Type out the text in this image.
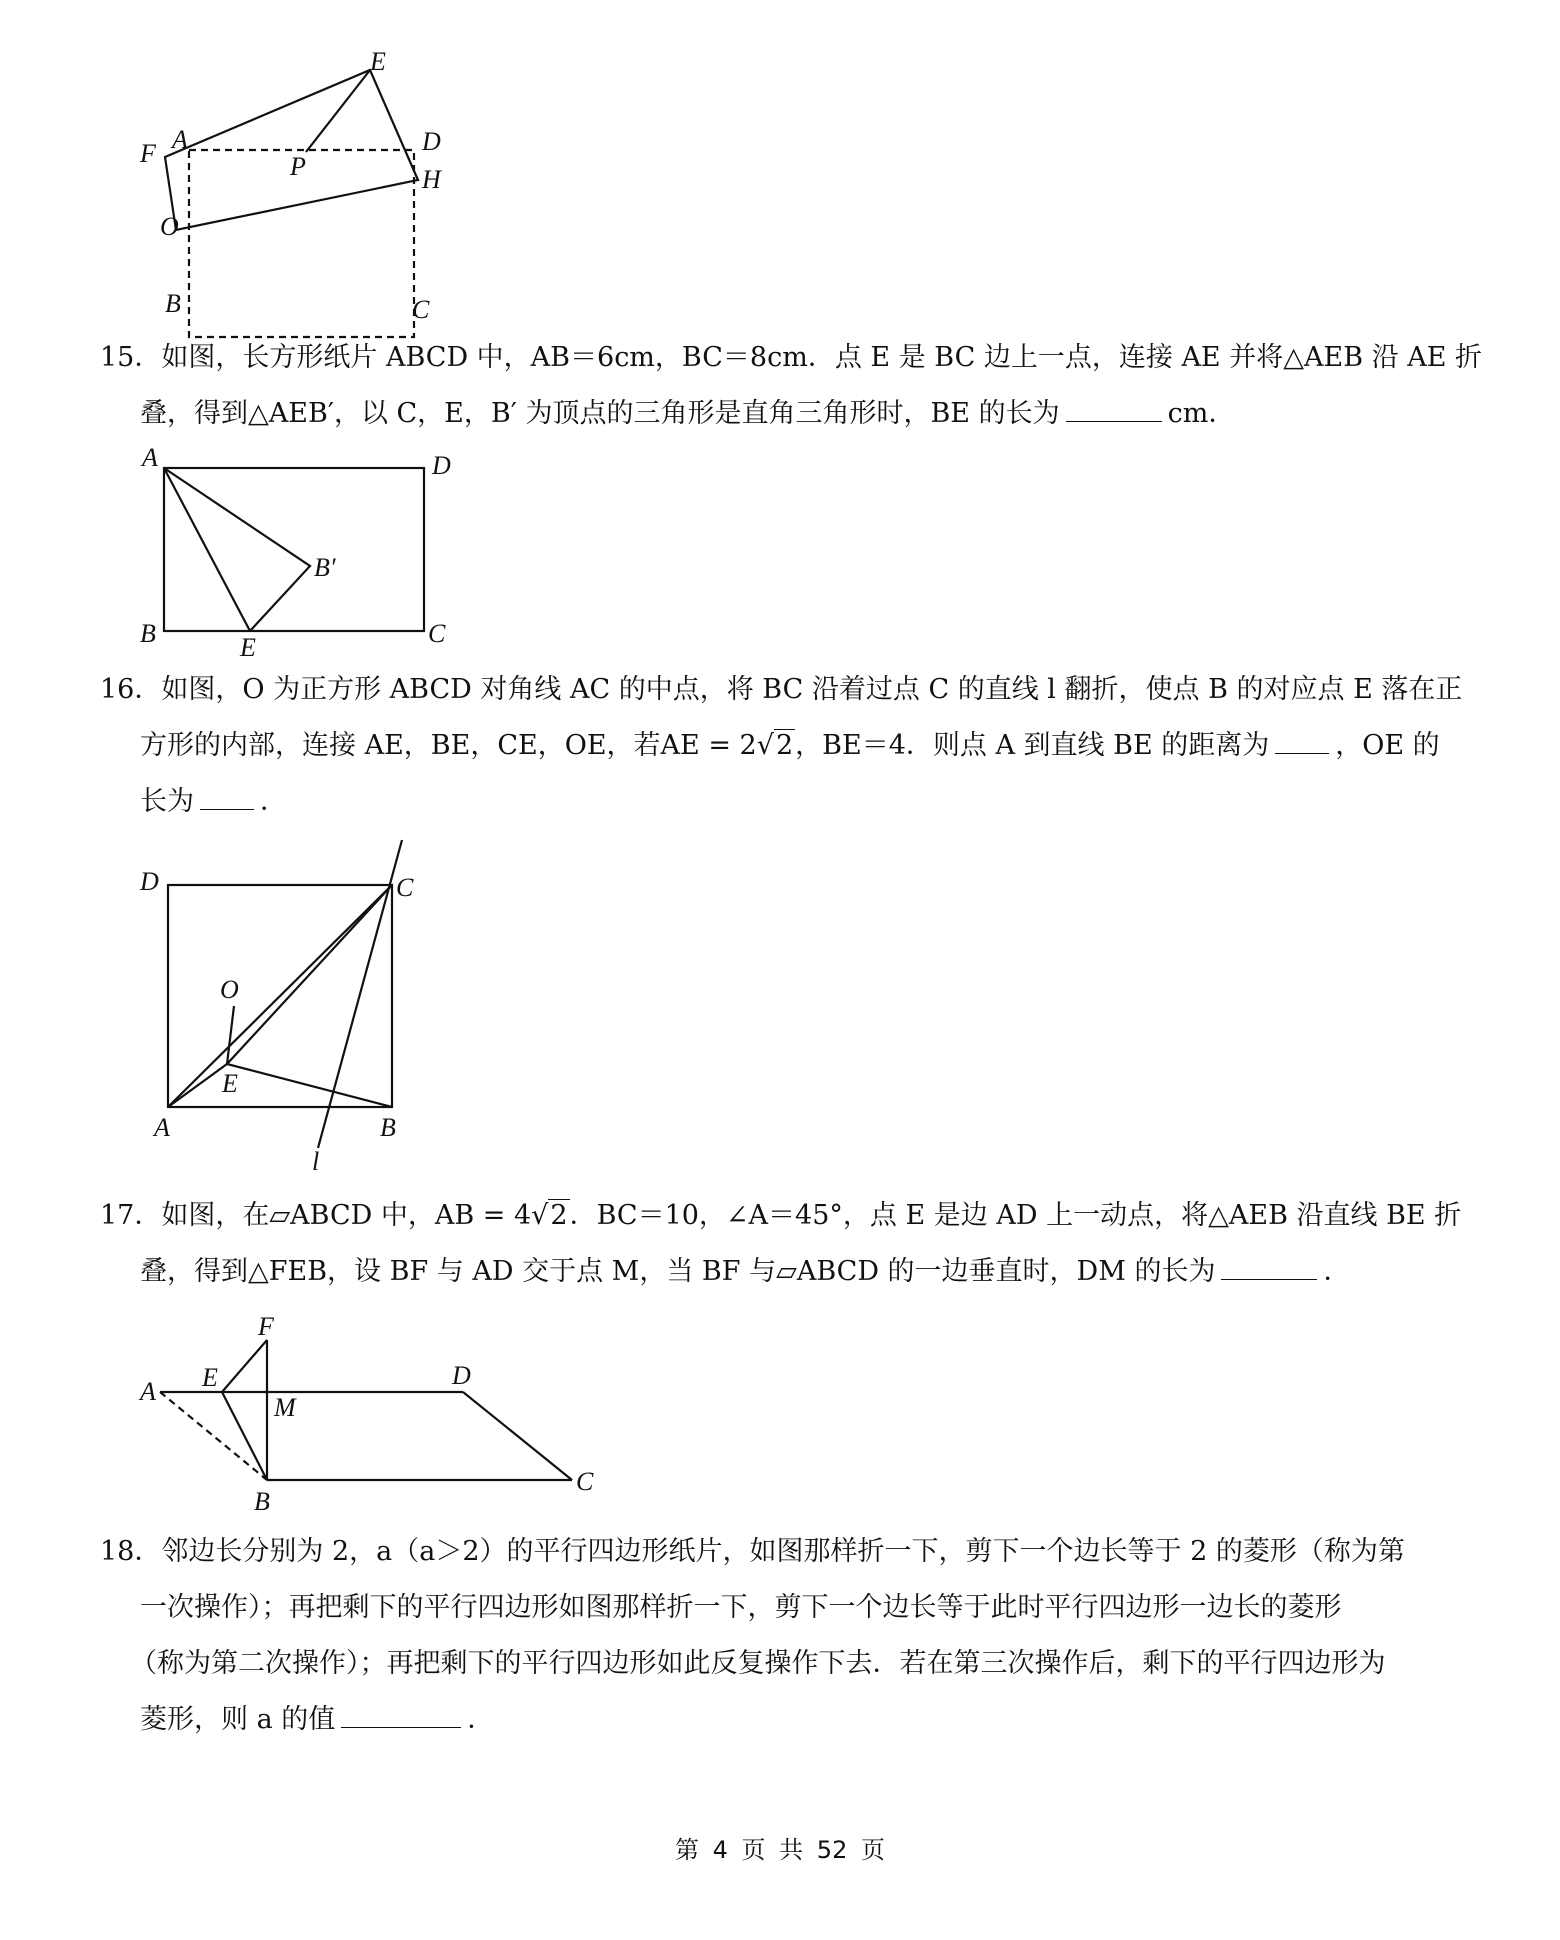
E
A
F	P
D
H
O
B	C
15．如图，长方形纸片 ABCD 中，AB＝6cm，BC＝8cm．点 E 是 BC 边上一点，连接 AE 并将△AEB 沿 AE 折
叠，得到△AEB′，以 C，E，B′ 为顶点的三角形是直角三角形时，BE 的长为	cm．
A	D
B′
B	E	C
16．如图，O 为正方形 ABCD 对角线 AC 的中点，将 BC 沿着过点 C 的直线 l 翻折，使点 B 的对应点 E 落在正
方形的内部，连接 AE，BE，CE，OE，若AE = 2√2，BE＝4．则点 A 到直线 BE 的距离为 ，OE 的
长为 ．
D	C
O
E
A	B
l
17．如图，在▱ABCD 中，AB = 4√2．BC＝10，∠A＝45°，点 E 是边 AD 上一动点，将△AEB 沿直线 BE 折
叠，得到△FEB，设 BF 与 AD 交于点 M，当 BF 与▱ABCD 的一边垂直时，DM 的长为	．
F
E
A
M
D
B
C
18．邻边长分别为 2，a（a＞2）的平行四边形纸片，如图那样折一下，剪下一个边长等于 2 的菱形（称为第
一次操作）；再把剩下的平行四边形如图那样折一下，剪下一个边长等于此时平行四边形一边长的菱形
（称为第二次操作）；再把剩下的平行四边形如此反复操作下去．若在第三次操作后，剩下的平行四边形为
菱形，则 a 的值	．
第 4 页 共 52 页
